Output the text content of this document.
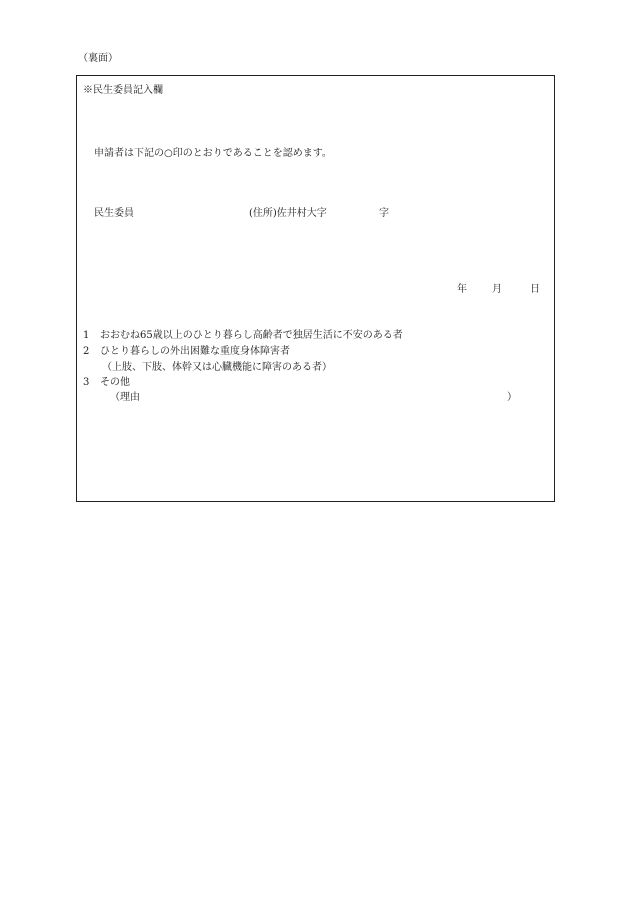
（裏面）
※民生委員記入欄
申請者は下記の○印のとおりであることを認めます。
民生委員	(住所)佐井村大字	字
年	月	日
1 おおむね65歳以上のひとり暮らし高齢者で独居生活に不安のある者
2 ひとり暮らしの外出困難な重度身体障害者
（上肢、下肢、体幹又は心臓機能に障害のある者）
3 その他
（理由	）
